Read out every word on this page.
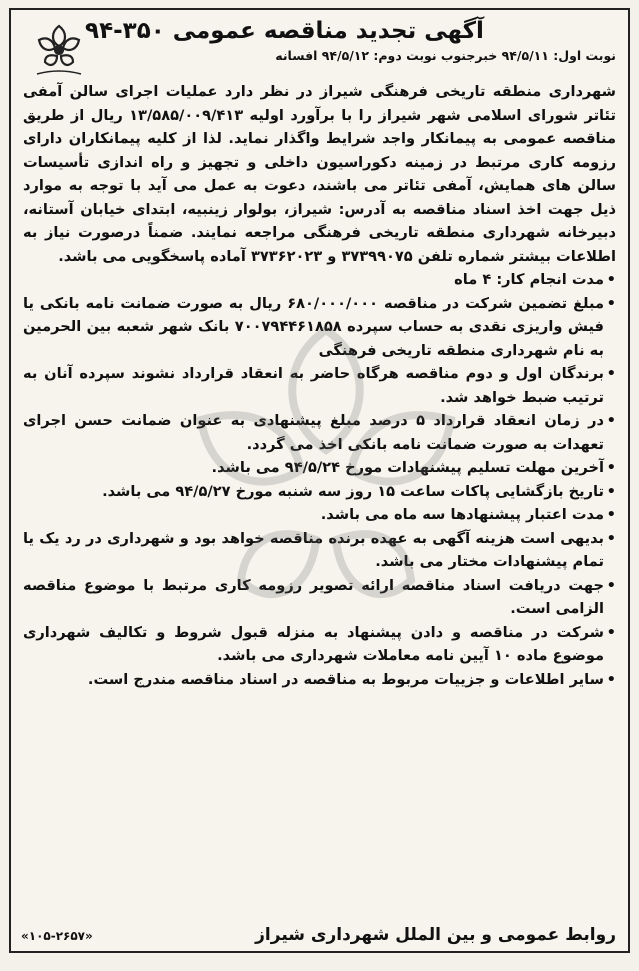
آگهی تجدید مناقصه عمومی ۳۵۰-۹۴
نوبت اول: ۹۴/۵/۱۱ خبرجنوب نوبت دوم: ۹۴/۵/۱۲ افسانه

شهرداری منطقه تاریخی فرهنگی شیراز در نظر دارد عملیات اجرای سالن آمفی تئاتر شورای اسلامی شهر شیراز را با برآورد اولیه ۱۳/۵۸۵/۰۰۹/۴۱۳ ریال از طریق مناقصه عمومی به پیمانکار واجد شرایط واگذار نماید. لذا از کلیه پیمانکاران دارای رزومه کاری مرتبط در زمینه دکوراسیون داخلی و تجهیز و راه اندازی تأسیسات سالن های همایش، آمفی تئاتر می باشند، دعوت به عمل می آید با توجه به موارد ذیل جهت اخذ اسناد مناقصه به آدرس: شیراز، بولوار زینبیه، ابتدای خیابان آستانه، دبیرخانه شهرداری منطقه تاریخی فرهنگی مراجعه نمایند. ضمناً درصورت نیاز به اطلاعات بیشتر شماره تلفن ۳۷۳۹۹۰۷۵ و ۳۷۳۶۲۰۲۳ آماده پاسخگویی می باشد.

• مدت انجام کار: ۴ ماه
• مبلغ تضمین شرکت در مناقصه ۶۸۰/۰۰۰/۰۰۰ ریال به صورت ضمانت نامه بانکی یا فیش واریزی نقدی به حساب سپرده ۷۰۰۷۹۴۴۶۱۸۵۸ بانک شهر شعبه بین الحرمین به نام شهرداری منطقه تاریخی فرهنگی
• برندگان اول و دوم مناقصه هرگاه حاضر به انعقاد قرارداد نشوند سپرده آنان به ترتیب ضبط خواهد شد.
• در زمان انعقاد قرارداد ۵ درصد مبلغ پیشنهادی به عنوان ضمانت حسن اجرای تعهدات به صورت ضمانت نامه بانکی اخذ می گردد.
• آخرین مهلت تسلیم پیشنهادات مورخ ۹۴/۵/۲۴ می باشد.
• تاریخ بازگشایی پاکات ساعت ۱۵ روز سه شنبه مورخ ۹۴/۵/۲۷ می باشد.
• مدت اعتبار پیشنهادها سه ماه می باشد.
• بدیهی است هزینه آگهی به عهده برنده مناقصه خواهد بود و شهرداری در رد یک یا تمام پیشنهادات مختار می باشد.
• جهت دریافت اسناد مناقصه ارائه تصویر رزومه کاری مرتبط با موضوع مناقصه الزامی است.
• شرکت در مناقصه و دادن پیشنهاد به منزله قبول شروط و تکالیف شهرداری موضوع ماده ۱۰ آیین نامه معاملات شهرداری می باشد.
• سایر اطلاعات و جزییات مربوط به مناقصه در اسناد مناقصه مندرج است.
روابط عمومی و بین الملل شهرداری شیراز
«۱۰۵-۲۶۵۷»
